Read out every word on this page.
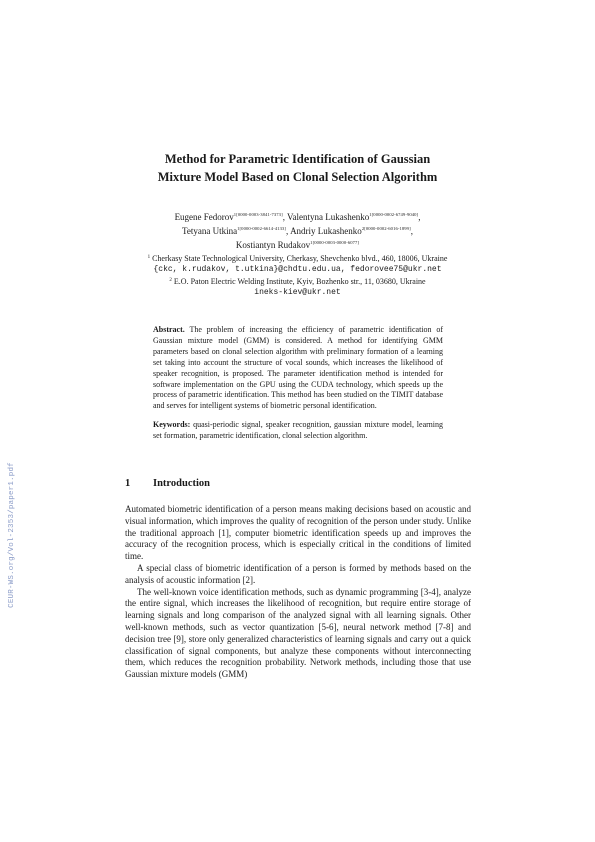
CEUR-WS.org/Vol-2353/paper1.pdf
Method for Parametric Identification of Gaussian
Mixture Model Based on Clonal Selection Algorithm
Eugene Fedorov$^{1[0000-0003-3841-7373]}$, Valentyna Lukashenko$^{1[0000-0002-6749-9040]}$,
Tetyana Utkina$^{1[0000-0002-6614-4133]}$, Andriy Lukashenko$^{2[0000-0002-6016-1899]}$,
Kostiantyn Rudakov$^{1[0000-0003-0000-6077]}$
$^1$ Cherkasy State Technological University, Cherkasy, Shevchenko blvd., 460, 18006, Ukraine
{ckc, k.rudakov, t.utkina}@chdtu.edu.ua, fedorovee75@ukr.net
$^2$ E.O. Paton Electric Welding Institute, Kyiv, Bozhenko str., 11, 03680, Ukraine
ineks-kiev@ukr.net

Abstract. The problem of increasing the efficiency of parametric identification of Gaussian mixture model (GMM) is considered. A method for identifying GMM parameters based on clonal selection algorithm with preliminary formation of a learning set taking into account the structure of vocal sounds, which increases the likelihood of speaker recognition, is proposed. The parameter identification method is intended for software implementation on the GPU using the CUDA technology, which speeds up the process of parametric identification. This method has been studied on the TIMIT database and serves for intelligent systems of biometric personal identification.

Keywords: quasi-periodic signal, speaker recognition, gaussian mixture model, learning set formation, parametric identification, clonal selection algorithm.

1 Introduction

Automated biometric identification of a person means making decisions based on acoustic and visual information, which improves the quality of recognition of the person under study. Unlike the traditional approach [1], computer biometric identification speeds up and improves the accuracy of the recognition process, which is especially critical in the conditions of limited time.

A special class of biometric identification of a person is formed by methods based on the analysis of acoustic information [2].

The well-known voice identification methods, such as dynamic programming [3-4], analyze the entire signal, which increases the likelihood of recognition, but require entire storage of learning signals and long comparison of the analyzed signal with all learning signals. Other well-known methods, such as vector quantization [5-6], neural network method [7-8] and decision tree [9], store only generalized characteristics of learning signals and carry out a quick classification of signal components, but analyze these components without interconnecting them, which reduces the recognition probability. Network methods, including those that use Gaussian mixture models (GMM)
